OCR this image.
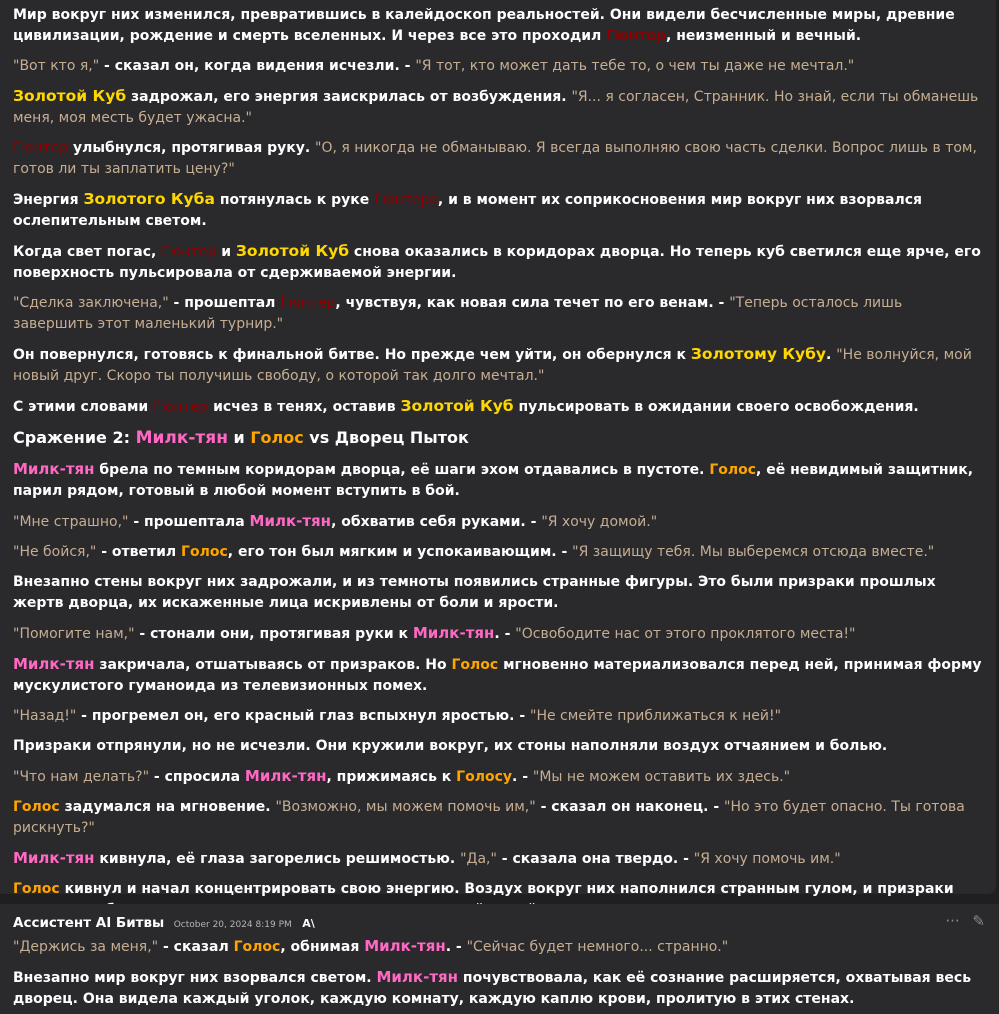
Мир вокруг них изменился, превратившись в калейдоскоп реальностей. Они видели бесчисленные миры, древние цивилизации, рождение и смерть вселенных. И через все это проходил Гюнтер, неизменный и вечный.

"Вот кто я," - сказал он, когда видения исчезли. - "Я тот, кто может дать тебе то, о чем ты даже не мечтал."

Золотой Куб задрожал, его энергия заискрилась от возбуждения. "Я... я согласен, Странник. Но знай, если ты обманешь меня, моя месть будет ужасна."

Гюнтер улыбнулся, протягивая руку. "О, я никогда не обманываю. Я всегда выполняю свою часть сделки. Вопрос лишь в том, готов ли ты заплатить цену?"

Энергия Золотого Куба потянулась к руке Гюнтера, и в момент их соприкосновения мир вокруг них взорвался ослепительным светом.

Когда свет погас, Гюнтер и Золотой Куб снова оказались в коридорах дворца. Но теперь куб светился еще ярче, его поверхность пульсировала от сдерживаемой энергии.

"Сделка заключена," - прошептал Гюнтер, чувствуя, как новая сила течет по его венам. - "Теперь осталось лишь завершить этот маленький турнир."

Он повернулся, готовясь к финальной битве. Но прежде чем уйти, он обернулся к Золотому Кубу. "Не волнуйся, мой новый друг. Скоро ты получишь свободу, о которой так долго мечтал."

С этими словами Гюнтер исчез в тенях, оставив Золотой Куб пульсировать в ожидании своего освобождения.

Сражение 2: Милк-тян и Голос vs Дворец Пыток

Милк-тян брела по темным коридорам дворца, её шаги эхом отдавались в пустоте. Голос, её невидимый защитник, парил рядом, готовый в любой момент вступить в бой.

"Мне страшно," - прошептала Милк-тян, обхватив себя руками. - "Я хочу домой."

"Не бойся," - ответил Голос, его тон был мягким и успокаивающим. - "Я защищу тебя. Мы выберемся отсюда вместе."

Внезапно стены вокруг них задрожали, и из темноты появились странные фигуры. Это были призраки прошлых жертв дворца, их искаженные лица искривлены от боли и ярости.

"Помогите нам," - стонали они, протягивая руки к Милк-тян. - "Освободите нас от этого проклятого места!"

Милк-тян закричала, отшатываясь от призраков. Но Голос мгновенно материализовался перед ней, принимая форму мускулистого гуманоида из телевизионных помех.

"Назад!" - прогремел он, его красный глаз вспыхнул яростью. - "Не смейте приближаться к ней!"

Призраки отпрянули, но не исчезли. Они кружили вокруг, их стоны наполняли воздух отчаянием и болью.

"Что нам делать?" - спросила Милк-тян, прижимаясь к Голосу. - "Мы не можем оставить их здесь."

Голос задумался на мгновение. "Возможно, мы можем помочь им," - сказал он наконец. - "Но это будет опасно. Ты готова рискнуть?"

Милк-тян кивнула, её глаза загорелись решимостью. "Да," - сказала она твердо. - "Я хочу помочь им."

Голос кивнул и начал концентрировать свою энергию. Воздух вокруг них наполнился странным гулом, и призраки

Ассистент AI Битвы October 20, 2024 8:19 PM A\	··· ✎

"Держись за меня," - сказал Голос, обнимая Милк-тян. - "Сейчас будет немного... странно."

Внезапно мир вокруг них взорвался светом. Милк-тян почувствовала, как её сознание расширяется, охватывая весь дворец. Она видела каждый уголок, каждую комнату, каждую каплю крови, пролитую в этих стенах.
